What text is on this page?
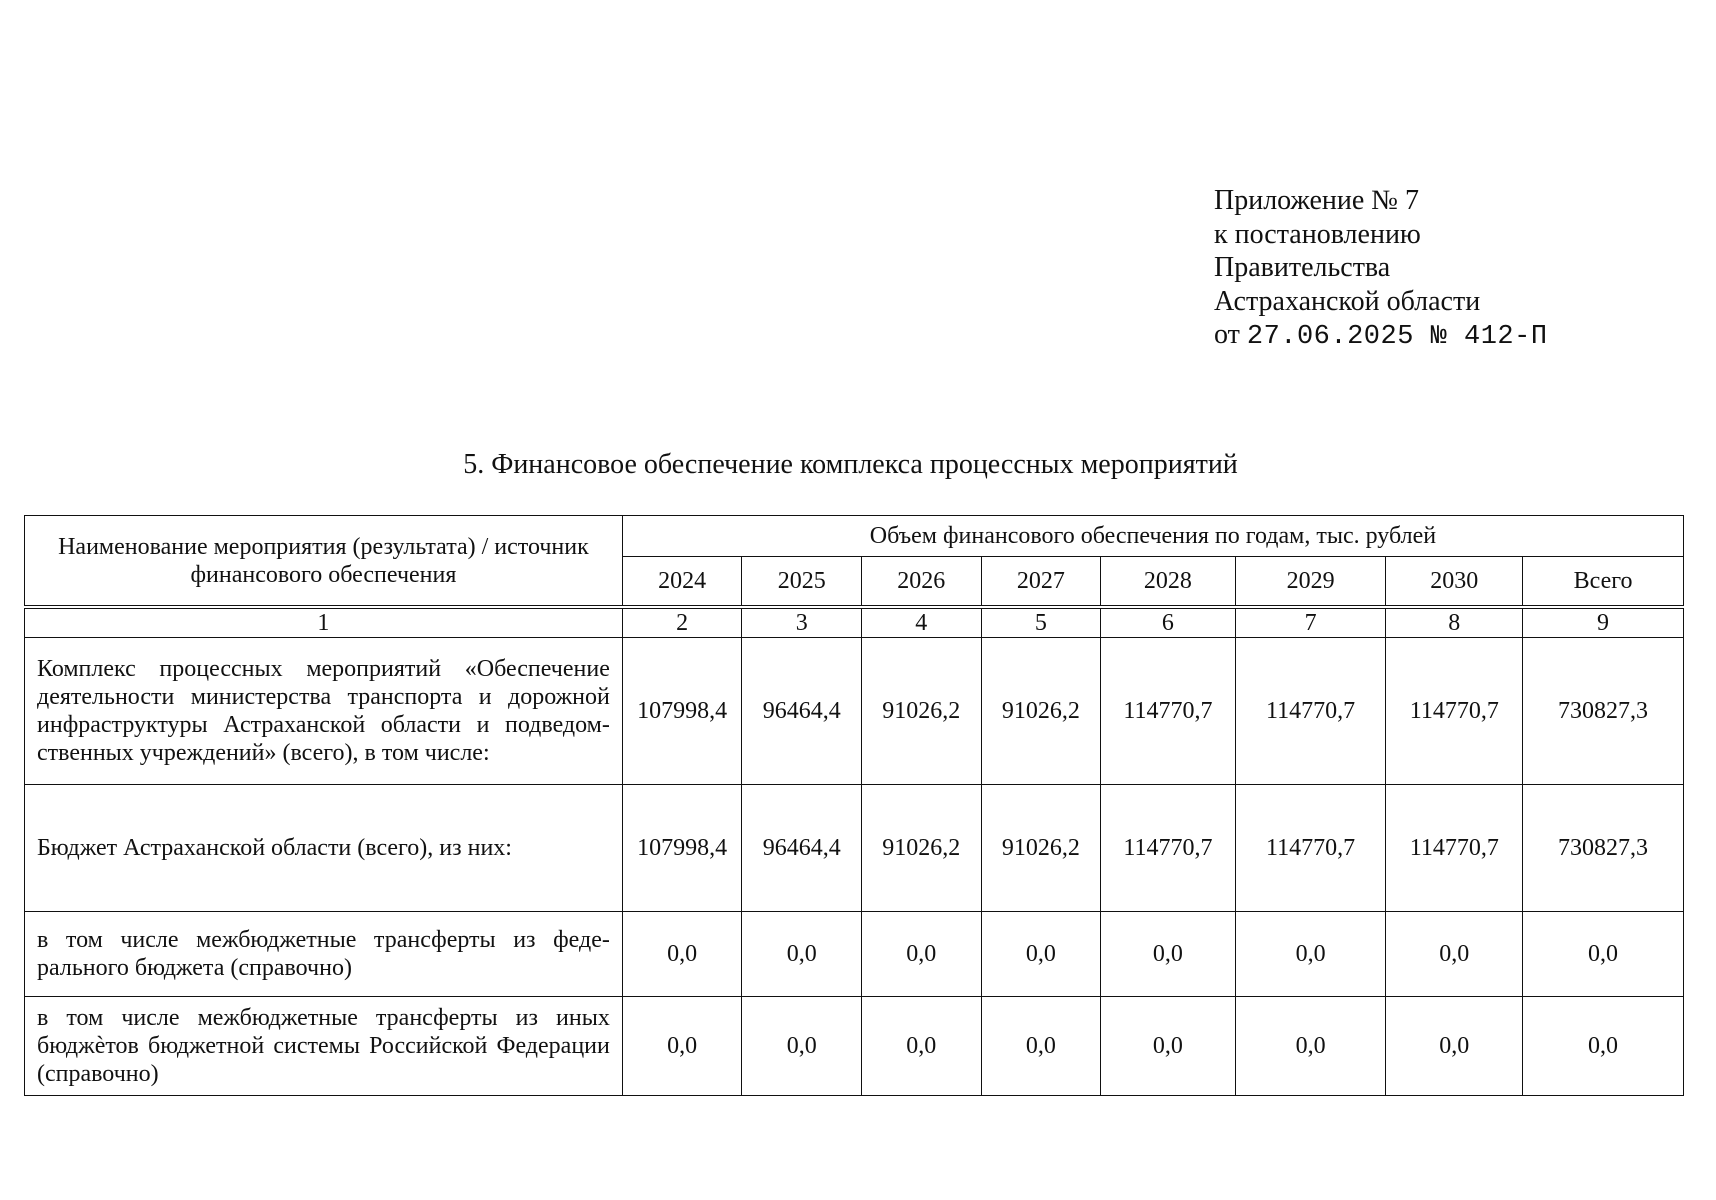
Приложение № 7
к постановлению
Правительства
Астраханской области
от 27.06.2025 № 412-П
5. Финансовое обеспечение комплекса процессных мероприятий
Наименование мероприятия (результата) / источник финансового обеспечения	Объем финансового обеспечения по годам, тыс. рублей							
	2024	2025	2026	2027	2028	2029	2030	Всего
1	2	3	4	5	6	7	8	9
Комплекс процессных мероприятий «Обеспечение деятельности министерства транспорта и дорожной инфраструктуры Астраханской области и подведомственных учреждений» (всего), в том числе:	107998,4	96464,4	91026,2	91026,2	114770,7	114770,7	114770,7	730827,3
Бюджет Астраханской области (всего), из них:	107998,4	96464,4	91026,2	91026,2	114770,7	114770,7	114770,7	730827,3
в том числе межбюджетные трансферты из федерального бюджета (справочно)	0,0	0,0	0,0	0,0	0,0	0,0	0,0	0,0
в том числе межбюджетные трансферты из иных бюджѐтов бюджетной системы Российской Федерации (справочно)	0,0	0,0	0,0	0,0	0,0	0,0	0,0	0,0
